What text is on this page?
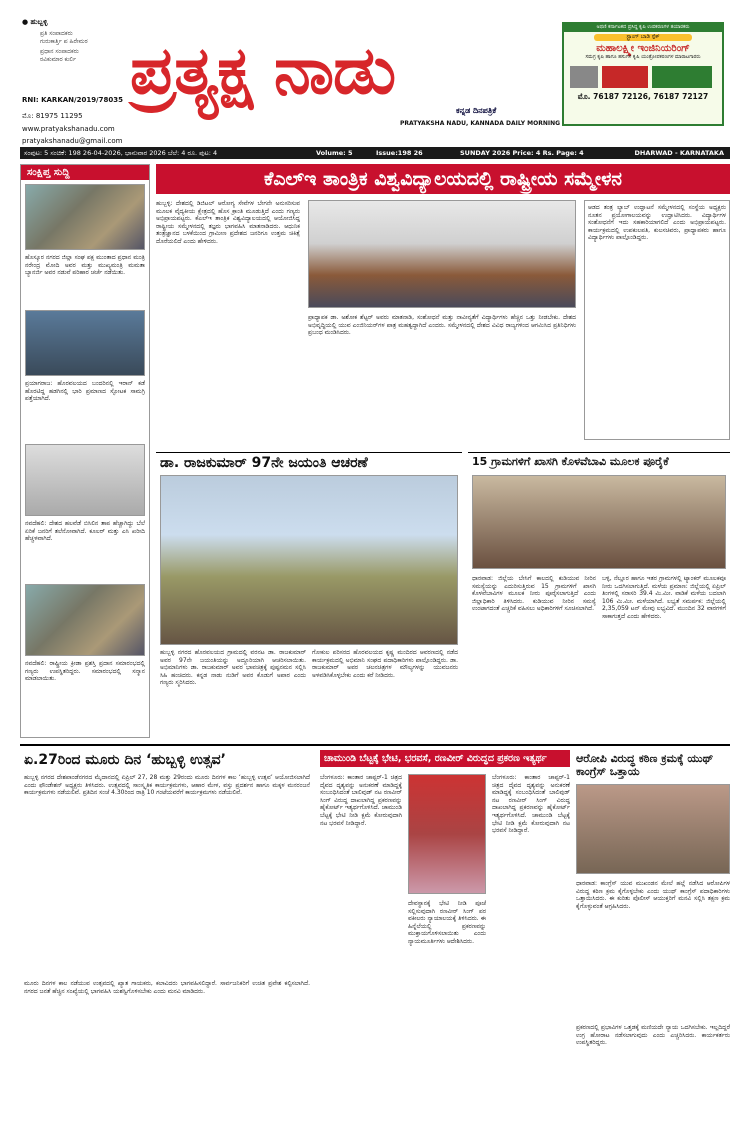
● ಹುಬ್ಬಳ್ಳಿ
ಪ್ರತಿ ಸಂಪಾದಕರು
ಗುರುಕಾರ್ತ್ತಿ ಪ ಹಿರೇಮಠ
ಪ್ರಧಾನ ಸಂಪಾದಕರು
ರವಿಕುಮಾರ ಕುರ್ಲಿ
RNI: KARKAN/2019/78035
ಮೊ: 81975 11295
www.pratyakshanadu.com
pratyakshanadu@gmail.com
ಪ್ರತ್ಯಕ್ಷ ನಾಡು
ಕನ್ನಡ ದಿನಪತ್ರಿಕೆ
PRATYAKSHA NADU, KANNADA DAILY MORNING
ಅಥಣಿ ಕರ್ನಾಟಕದ ಪ್ರಸಿದ್ಧ ಕೃಷಿ ಉಪಕರಣಗಳ ತಯಾರಕರು
ಸ್ಟ್ರಾಂಗ್ ಬಾಡಿ ಸ್ಪೆಕ್
ಮಹಾಲಕ್ಷ್ಮೀ ಇಂಜಿನಿಯರಿಂಗ್
ಸಮಗ್ರ ಕೃಷಿ ಹಾಗೂ ಹಸುಗಳ ಕೃಷಿ ಯಂತ್ರೋಪಕರಣಗಳ ಮಾರಾಟಗಾರರು
ಮೊ. 76187 72126, 76187 72127
ಸಂಪುಟ: 5 ಸಂಚಿಕೆ: 198 26-04-2026, ಭಾನುವಾರ 2026 ಬೆಲೆ: 4 ರೂ. ಪುಟ: 4	Volume: 5	Issue:198 26	SUNDAY 2026 Price: 4 Rs. Page: 4	DHARWAD - KARNATAKA
ಸಂಕ್ಷಿಪ್ತ ಸುದ್ದಿ
ಹೊಸ್ಕೂರ ನಗರದ ಜಿಲ್ಲಾ ಸಂಘ ಪಕ್ಷ ಮುಂತಾದ ಪ್ರಧಾನ ಮಂತ್ರಿ ನರೇಂದ್ರ ಮೋದಿ ಅವರ ಮತ್ತು ಮುಖ್ಯಮಂತ್ರಿ ಮಮತಾ ಬ್ಯಾನರ್ಜಿ ಅವರ ನಡುವೆ ಪರಿಹಾರ ಚರ್ಚೆ ನಡೆಯಿತು.
ಪ್ರಯಾಗರಾಜ: ಹೊರವಲಯದ ಬಂದರಿನಲ್ಲಿ ಇರಾನ್ ಕಡೆ ಹೊರಟಿದ್ದ ಹಡಗಿನಲ್ಲಿ ಭಾರಿ ಪ್ರಮಾಣದ ಸ್ಫೋಟಕ ಸಾಮಗ್ರಿ ಪತ್ತೆಯಾಗಿದೆ.
ನವದೆಹಲಿ: ದೇಶದ ಹಲವೆಡೆ ಬಿಸಿಲಿನ ತಾಪ ಹೆಚ್ಚಾಗಿದ್ದು ಬೆಲೆ ಏರಿಕೆ ಜನರಿಗೆ ತಲೆನೋವಾಗಿದೆ. ಕೂಲರ್ ಮತ್ತು ಎಸಿ ಖರೀದಿ ಹೆಚ್ಚಳವಾಗಿದೆ.
ನವದೆಹಲಿ: ರಾಷ್ಟ್ರೀಯ ಕ್ರೀಡಾ ಪ್ರಶಸ್ತಿ ಪ್ರದಾನ ಸಮಾರಂಭದಲ್ಲಿ ಗಣ್ಯರು ಉಪಸ್ಥಿತರಿದ್ದರು. ಸಮಾರಂಭದಲ್ಲಿ ಸನ್ಮಾನ ಮಾಡಲಾಯಿತು.
ಕೆಎಲ್ಇ ತಾಂತ್ರಿಕ ವಿಶ್ವವಿದ್ಯಾಲಯದಲ್ಲಿ ರಾಷ್ಟ್ರೀಯ ಸಮ್ಮೇಳನ
ಹುಬ್ಬಳ್ಳಿ: ದೇಶದಲ್ಲಿ ಡಿಜಿಟಲ್ ಆರೋಗ್ಯ ಸೇವೆಗಳ ಬೇಗನೇ ಅನುಸರಿಸುವ ಮೂಲಕ ವೈದ್ಯಕೀಯ ಕ್ಷೇತ್ರದಲ್ಲಿ ಹೊಸ ಕ್ರಾಂತಿ ಮೂಡುತ್ತಿದೆ ಎಂದು ಗಣ್ಯರು ಅಭಿಪ್ರಾಯಪಟ್ಟರು. ಕೆಎಲ್ಇ ತಾಂತ್ರಿಕ ವಿಶ್ವವಿದ್ಯಾಲಯದಲ್ಲಿ ಆಯೋಜಿಸಿದ್ದ ರಾಷ್ಟ್ರೀಯ ಸಮ್ಮೇಳನದಲ್ಲಿ ತಜ್ಞರು ಭಾಗವಹಿಸಿ ಮಾತನಾಡಿದರು. ಆಧುನಿಕ ತಂತ್ರಜ್ಞಾನದ ಬಳಕೆಯಿಂದ ಗ್ರಾಮೀಣ ಪ್ರದೇಶದ ಜನರಿಗೂ ಉತ್ತಮ ಚಿಕಿತ್ಸೆ ದೊರೆಯಲಿದೆ ಎಂದು ಹೇಳಿದರು.
ಪ್ರಾಧ್ಯಾಪಕ ಡಾ. ಅಶೋಕ ಶೆಟ್ಟರ್ ಅವರು ಮಾತನಾಡಿ, ಸಂಶೋಧನೆ ಮತ್ತು ನಾವೀನ್ಯತೆಗೆ ವಿದ್ಯಾರ್ಥಿಗಳು ಹೆಚ್ಚಿನ ಒತ್ತು ನೀಡಬೇಕು. ದೇಶದ ಅಭಿವೃದ್ಧಿಯಲ್ಲಿ ಯುವ ಎಂಜಿನಿಯರ್‌ಗಳ ಪಾತ್ರ ಮಹತ್ವದ್ದಾಗಿದೆ ಎಂದರು. ಸಮ್ಮೇಳನದಲ್ಲಿ ದೇಶದ ವಿವಿಧ ರಾಜ್ಯಗಳಿಂದ ಆಗಮಿಸಿದ ಪ್ರತಿನಿಧಿಗಳು ಪ್ರಬಂಧ ಮಂಡಿಸಿದರು.
ಆಡದ ತಂತ್ರ ಲ್ಯಾಬ್ ಉದ್ಘಾಟನೆ ಸಮ್ಮೇಳನದಲ್ಲಿ ಸಂಸ್ಥೆಯ ಅಧ್ಯಕ್ಷರು ನೂತನ ಪ್ರಯೋಗಾಲಯವನ್ನು ಉದ್ಘಾಟಿಸಿದರು. ವಿದ್ಯಾರ್ಥಿಗಳ ಸಂಶೋಧನೆಗೆ ಇದು ಸಹಕಾರಿಯಾಗಲಿದೆ ಎಂದು ಅಭಿಪ್ರಾಯಪಟ್ಟರು. ಕಾರ್ಯಕ್ರಮದಲ್ಲಿ ಉಪಕುಲಪತಿ, ಕುಲಸಚಿವರು, ಪ್ರಾಧ್ಯಾಪಕರು ಹಾಗೂ ವಿದ್ಯಾರ್ಥಿಗಳು ಪಾಲ್ಗೊಂಡಿದ್ದರು.
ಡಾ. ರಾಜಕುಮಾರ್ 97ನೇ ಜಯಂತಿ ಆಚರಣೆ
ಹುಬ್ಬಳ್ಳಿ ನಗರದ ಹೊರವಲಯದ ಗ್ರಾಮದಲ್ಲಿ ವರನಟ ಡಾ. ರಾಜಕುಮಾರ್ ಅವರ 97ನೇ ಜಯಂತಿಯನ್ನು ಅದ್ದೂರಿಯಾಗಿ ಆಚರಿಸಲಾಯಿತು. ಅಭಿಮಾನಿಗಳು ಡಾ. ರಾಜಕುಮಾರ್ ಅವರ ಭಾವಚಿತ್ರಕ್ಕೆ ಪುಷ್ಪನಮನ ಸಲ್ಲಿಸಿ ಸಿಹಿ ಹಂಚಿದರು. ಕನ್ನಡ ನಾಡು ನುಡಿಗೆ ಅವರ ಕೊಡುಗೆ ಅಪಾರ ಎಂದು ಗಣ್ಯರು ಸ್ಮರಿಸಿದರು.
ಗೋಕುಲ ಪರಿಸರದ ಹೊರವಲಯದ ಕೃಷ್ಣ ಮಂದಿರದ ಆವರಣದಲ್ಲಿ ನಡೆದ ಕಾರ್ಯಕ್ರಮದಲ್ಲಿ ಅಭಿಮಾನಿ ಸಂಘದ ಪದಾಧಿಕಾರಿಗಳು ಪಾಲ್ಗೊಂಡಿದ್ದರು. ಡಾ. ರಾಜಕುಮಾರ್ ಅವರ ಚಲನಚಿತ್ರಗಳ ಮೌಲ್ಯಗಳನ್ನು ಯುವಜನರು ಅಳವಡಿಸಿಕೊಳ್ಳಬೇಕು ಎಂದು ಕರೆ ನೀಡಿದರು.
15 ಗ್ರಾಮಗಳಿಗೆ ಖಾಸಗಿ ಕೊಳವೆಬಾವಿ ಮೂಲಕ ಪೂರೈಕೆ
ಧಾರವಾಡ: ಜಿಲ್ಲೆಯ ಬೇಸಿಗೆ ಕಾಲದಲ್ಲಿ ಕುಡಿಯುವ ನೀರಿನ ಸಮಸ್ಯೆಯನ್ನು ಎದುರಿಸುತ್ತಿರುವ 15 ಗ್ರಾಮಗಳಿಗೆ ಖಾಸಗಿ ಕೊಳವೆಬಾವಿಗಳ ಮೂಲಕ ನೀರು ಪೂರೈಸಲಾಗುತ್ತಿದೆ ಎಂದು ಜಿಲ್ಲಾಧಿಕಾರಿ ತಿಳಿಸಿದರು. ಕುಡಿಯುವ ನೀರಿನ ಸಮಸ್ಯೆ ಉಂಟಾಗದಂತೆ ಎಚ್ಚರಿಕೆ ವಹಿಸಲು ಅಧಿಕಾರಿಗಳಿಗೆ ಸೂಚಿಸಲಾಗಿದೆ.
ಬಳ್ಳಿ, ನೆಲ್ಲೂರ ಹಾಗೂ ಇತರ ಗ್ರಾಮಗಳಲ್ಲಿ ಟ್ಯಾಂಕರ್ ಮೂಲಕವೂ ನೀರು ಒದಗಿಸಲಾಗುತ್ತಿದೆ. ಮಳೆಯ ಪ್ರಮಾಣ: ಜಿಲ್ಲೆಯಲ್ಲಿ ಏಪ್ರಿಲ್ ತಿಂಗಳಲ್ಲಿ ಸರಾಸರಿ 39.4 ಮಿ.ಮೀ. ವಾಡಿಕೆ ಮಳೆಯ ಬದಲಾಗಿ 106 ಮಿ.ಮೀ. ಮಳೆಯಾಗಿದೆ. ಲಭ್ಯತೆ ಸಮರ್ಪಕ: ಜಿಲ್ಲೆಯಲ್ಲಿ 2,35,059 ಟನ್ ಮೇವು ಲಭ್ಯವಿದೆ. ಮುಂದಿನ 32 ವಾರಗಳಿಗೆ ಸಾಕಾಗುತ್ತದೆ ಎಂದು ಹೇಳಿದರು.
ಏ.27ರಿಂದ ಮೂರು ದಿನ ‘ಹುಬ್ಬಳ್ಳಿ ಉತ್ಸವ’
ಹುಬ್ಬಳ್ಳಿ ನಗರದ ದೇಶಪಾಂಡೆನಗರದ ಮೈದಾನದಲ್ಲಿ ಏಪ್ರಿಲ್ 27, 28 ಮತ್ತು 29ರಂದು ಮೂರು ದಿನಗಳ ಕಾಲ ‘ಹುಬ್ಬಳ್ಳಿ ಉತ್ಸವ’ ಆಯೋಜಿಸಲಾಗಿದೆ ಎಂದು ಫೌಂಡೇಶನ್ ಅಧ್ಯಕ್ಷರು ತಿಳಿಸಿದರು. ಉತ್ಸವದಲ್ಲಿ ಸಾಂಸ್ಕೃತಿಕ ಕಾರ್ಯಕ್ರಮಗಳು, ಆಹಾರ ಮೇಳ, ವಸ್ತು ಪ್ರದರ್ಶನ ಹಾಗೂ ಮಕ್ಕಳ ಮನರಂಜನೆ ಕಾರ್ಯಕ್ರಮಗಳು ನಡೆಯಲಿವೆ. ಪ್ರತಿದಿನ ಸಂಜೆ 4.30ರಿಂದ ರಾತ್ರಿ 10 ಗಂಟೆಯವರೆಗೆ ಕಾರ್ಯಕ್ರಮಗಳು ನಡೆಯಲಿವೆ.
ಮೂರು ದಿನಗಳ ಕಾಲ ನಡೆಯುವ ಉತ್ಸವದಲ್ಲಿ ಖ್ಯಾತ ಗಾಯಕರು, ಕಲಾವಿದರು ಭಾಗವಹಿಸಲಿದ್ದಾರೆ. ಸಾರ್ವಜನಿಕರಿಗೆ ಉಚಿತ ಪ್ರವೇಶ ಕಲ್ಪಿಸಲಾಗಿದೆ. ನಗರದ ಜನತೆ ಹೆಚ್ಚಿನ ಸಂಖ್ಯೆಯಲ್ಲಿ ಭಾಗವಹಿಸಿ ಯಶಸ್ವಿಗೊಳಿಸಬೇಕು ಎಂದು ಮನವಿ ಮಾಡಿದರು.
ಚಾಮುಂಡಿ ಬೆಟ್ಟಕ್ಕೆ ಭೇಟಿ, ಭರವಸೆ, ರಣವೀರ್ ವಿರುದ್ಧದ ಪ್ರಕರಣ ಇತ್ಯರ್ಥ
ಬೆಂಗಳೂರು: ಕಾಂತಾರ ಚಾಪ್ಟರ್-1 ಚಿತ್ರದ ದೈವದ ದೃಶ್ಯವನ್ನು ಅನುಕರಣೆ ಮಾಡಿದ್ದಕ್ಕೆ ಸಂಬಂಧಿಸಿದಂತೆ ಬಾಲಿವುಡ್ ನಟ ರಣವೀರ್ ಸಿಂಗ್ ವಿರುದ್ಧ ದಾಖಲಾಗಿದ್ದ ಪ್ರಕರಣವನ್ನು ಹೈಕೋರ್ಟ್ ಇತ್ಯರ್ಥಗೊಳಿಸಿದೆ. ಚಾಮುಂಡಿ ಬೆಟ್ಟಕ್ಕೆ ಭೇಟಿ ನೀಡಿ ಕ್ಷಮೆ ಕೋರುವುದಾಗಿ ನಟ ಭರವಸೆ ನೀಡಿದ್ದಾರೆ.
ದೇವಸ್ಥಾನಕ್ಕೆ ಭೇಟಿ ನೀಡಿ ಪೂಜೆ ಸಲ್ಲಿಸುವುದಾಗಿ ರಣವೀರ್ ಸಿಂಗ್ ಪರ ವಕೀಲರು ನ್ಯಾಯಾಲಯಕ್ಕೆ ತಿಳಿಸಿದರು. ಈ ಹಿನ್ನೆಲೆಯಲ್ಲಿ ಪ್ರಕರಣವನ್ನು ಮುಕ್ತಾಯಗೊಳಿಸಲಾಯಿತು ಎಂದು ನ್ಯಾಯಮೂರ್ತಿಗಳು ಆದೇಶಿಸಿದರು.
ಬೆಂಗಳೂರು: ಕಾಂತಾರ ಚಾಪ್ಟರ್-1 ಚಿತ್ರದ ದೈವದ ದೃಶ್ಯವನ್ನು ಅನುಕರಣೆ ಮಾಡಿದ್ದಕ್ಕೆ ಸಂಬಂಧಿಸಿದಂತೆ ಬಾಲಿವುಡ್ ನಟ ರಣವೀರ್ ಸಿಂಗ್ ವಿರುದ್ಧ ದಾಖಲಾಗಿದ್ದ ಪ್ರಕರಣವನ್ನು ಹೈಕೋರ್ಟ್ ಇತ್ಯರ್ಥಗೊಳಿಸಿದೆ. ಚಾಮುಂಡಿ ಬೆಟ್ಟಕ್ಕೆ ಭೇಟಿ ನೀಡಿ ಕ್ಷಮೆ ಕೋರುವುದಾಗಿ ನಟ ಭರವಸೆ ನೀಡಿದ್ದಾರೆ.
ಆರೋಪಿ ವಿರುದ್ಧ ಕಠಿಣ ಕ್ರಮಕ್ಕೆ ಯುಥ್ ಕಾಂಗ್ರೆಸ್ ಒತ್ತಾಯ
ಧಾರವಾಡ: ಕಾಂಗ್ರೆಸ್ ಯುವ ಮುಖಂಡನ ಮೇಲೆ ಹಲ್ಲೆ ನಡೆಸಿದ ಆರೋಪಿಗಳ ವಿರುದ್ಧ ಕಠಿಣ ಕ್ರಮ ಕೈಗೊಳ್ಳಬೇಕು ಎಂದು ಯುಥ್ ಕಾಂಗ್ರೆಸ್ ಪದಾಧಿಕಾರಿಗಳು ಒತ್ತಾಯಿಸಿದರು. ಈ ಕುರಿತು ಪೊಲೀಸ್ ಆಯುಕ್ತರಿಗೆ ಮನವಿ ಸಲ್ಲಿಸಿ ತಕ್ಷಣ ಕ್ರಮ ಕೈಗೊಳ್ಳುವಂತೆ ಆಗ್ರಹಿಸಿದರು.
ಪ್ರಕರಣದಲ್ಲಿ ಪ್ರಭಾವಿಗಳ ಒತ್ತಡಕ್ಕೆ ಮಣಿಯದೇ ನ್ಯಾಯ ಒದಗಿಸಬೇಕು. ಇಲ್ಲದಿದ್ದರೆ ಉಗ್ರ ಹೋರಾಟ ನಡೆಸಲಾಗುವುದು ಎಂದು ಎಚ್ಚರಿಸಿದರು. ಕಾರ್ಯಕರ್ತರು ಉಪಸ್ಥಿತರಿದ್ದರು.
